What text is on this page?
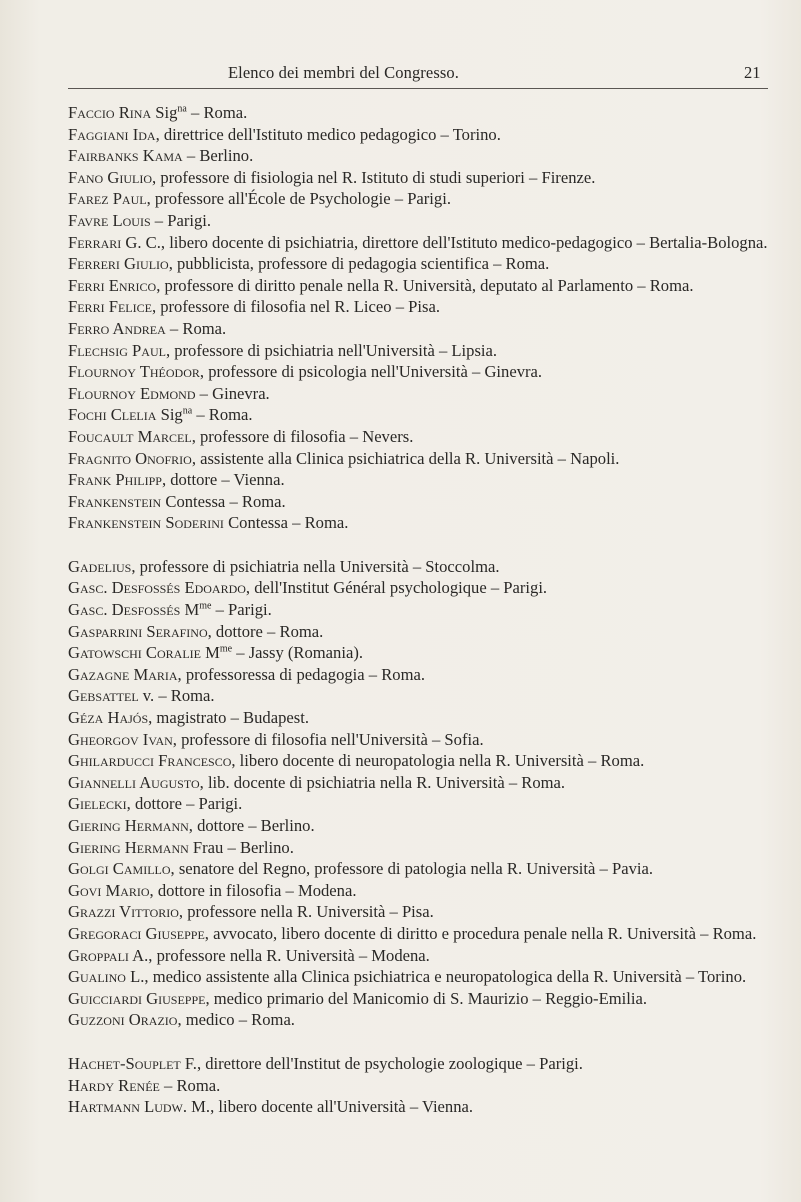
Elenco dei membri del Congresso.	21
Faccio Rina Sig$^{na}$ – Roma.
Faggiani Ida, direttrice dell'Istituto medico pedagogico – Torino.
Fairbanks Kama – Berlino.
Fano Giulio, professore di fisiologia nel R. Istituto di studi superiori – Firenze.
Farez Paul, professore all'École de Psychologie – Parigi.
Favre Louis – Parigi.
Ferrari G. C., libero docente di psichiatria, direttore dell'Istituto medico-pedagogico – Bertalia-Bologna.
Ferreri Giulio, pubblicista, professore di pedagogia scientifica – Roma.
Ferri Enrico, professore di diritto penale nella R. Università, deputato al Parlamento – Roma.
Ferri Felice, professore di filosofia nel R. Liceo – Pisa.
Ferro Andrea – Roma.
Flechsig Paul, professore di psichiatria nell'Università – Lipsia.
Flournoy Théodor, professore di psicologia nell'Università – Ginevra.
Flournoy Edmond – Ginevra.
Fochi Clelia Sig$^{na}$ – Roma.
Foucault Marcel, professore di filosofia – Nevers.
Fragnito Onofrio, assistente alla Clinica psichiatrica della R. Università – Napoli.
Frank Philipp, dottore – Vienna.
Frankenstein Contessa – Roma.
Frankenstein Soderini Contessa – Roma.
Gadelius, professore di psichiatria nella Università – Stoccolma.
Gasc. Desfossés Edoardo, dell'Institut Général psychologique – Parigi.
Gasc. Desfossés $M^{me}$ – Parigi.
Gasparrini Serafino, dottore – Roma.
Gatowschi Coralie $M^{me}$ – Jassy (Romania).
Gazagne Maria, professoressa di pedagogia – Roma.
Gebsattel v. – Roma.
Géza Hajós, magistrato – Budapest.
Gheorgov Ivan, professore di filosofia nell'Università – Sofia.
Ghilarducci Francesco, libero docente di neuropatologia nella R. Università – Roma.
Giannelli Augusto, lib. docente di psichiatria nella R. Università – Roma.
Gielecki, dottore – Parigi.
Giering Hermann, dottore – Berlino.
Giering Hermann Frau – Berlino.
Golgi Camillo, senatore del Regno, professore di patologia nella R. Università – Pavia.
Govi Mario, dottore in filosofia – Modena.
Grazzi Vittorio, professore nella R. Università – Pisa.
Gregoraci Giuseppe, avvocato, libero docente di diritto e procedura penale nella R. Università – Roma.
Groppali A., professore nella R. Università – Modena.
Gualino L., medico assistente alla Clinica psichiatrica e neuropatologica della R. Università – Torino.
Guicciardi Giuseppe, medico primario del Manicomio di S. Maurizio – Reggio-Emilia.
Guzzoni Orazio, medico – Roma.
Hachet-Souplet F., direttore dell'Institut de psychologie zoologique – Parigi.
Hardy Renée – Roma.
Hartmann Ludw. M., libero docente all'Università – Vienna.
